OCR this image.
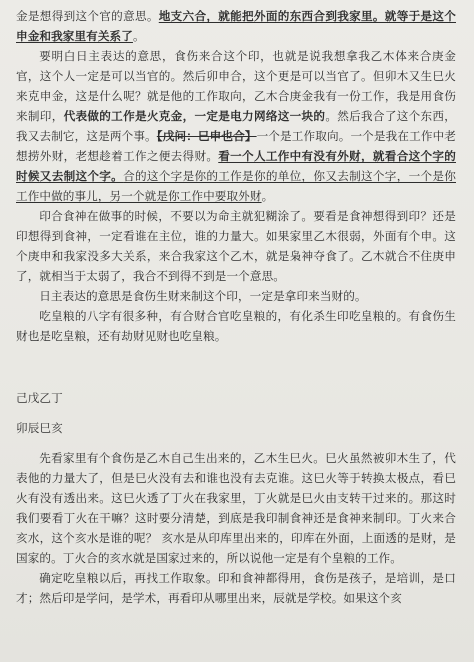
金是想得到这个官的意思。地支六合，就能把外面的东西合到我家里。就等于是这个申金和我家里有关系了。

要明白日主表达的意思，食伤来合这个印，也就是说我想拿我乙木体来合庚金官，这个人一定是可以当官的。然后卯申合，这个更是可以当官了。但卯木又生巳火来克申金，这是什么呢？就是他的工作取向，乙木合庚金我有一份工作，我是用食伤来制印，代表做的工作是火克金，一定是电力网络这一块的。然后我合了这个东西，我又去制它，这是两个事。【戊问：巳申也合】一个是工作取向。一个是我在工作中老想捞外财，老想趁着工作之便去得财。看一个人工作中有没有外财，就看合这个字的时候又去制这个字。合的这个字是你的工作是你的单位，你又去制这个字，一个是你工作中做的事儿，另一个就是你工作中要取外财。

印合食神在做事的时候，不要以为命主就犯糊涂了。要看是食神想得到印？还是印想得到食神，一定看谁在主位，谁的力量大。如果家里乙木很弱，外面有个申。这个庚申和我家没多大关系，来合我家这个乙木，就是枭神夺食了。乙木就合不住庚申了，就相当于太弱了，我合不到得不到是一个意思。

日主表达的意思是食伤生财来制这个印，一定是拿印来当财的。

吃皇粮的八字有很多种，有合财合官吃皇粮的，有化杀生印吃皇粮的。有食伤生财也是吃皇粮，还有劫财见财也吃皇粮。

己戊乙丁

卯辰巳亥

先看家里有个食伤是乙木自己生出来的，乙木生巳火。巳火虽然被卯木生了，代表他的力量大了，但是巳火没有去和谁也没有去克谁。这巳火等于转换太极点，看巳火有没有透出来。这巳火透了丁火在我家里，丁火就是巳火由支转干过来的。那这时我们要看丁火在干嘛？这时要分清楚，到底是我印制食神还是食神来制印。丁火来合亥水，这个亥水是谁的呢？ 亥水是从印库里出来的，印库在外面，上面透的是财，是国家的。丁火合的亥水就是国家过来的，所以说他一定是有个皇粮的工作。

确定吃皇粮以后，再找工作取象。印和食神都得用，食伤是孩子，是培训，是口才；然后印是学问，是学术，再看印从哪里出来，辰就是学校。如果这个亥
